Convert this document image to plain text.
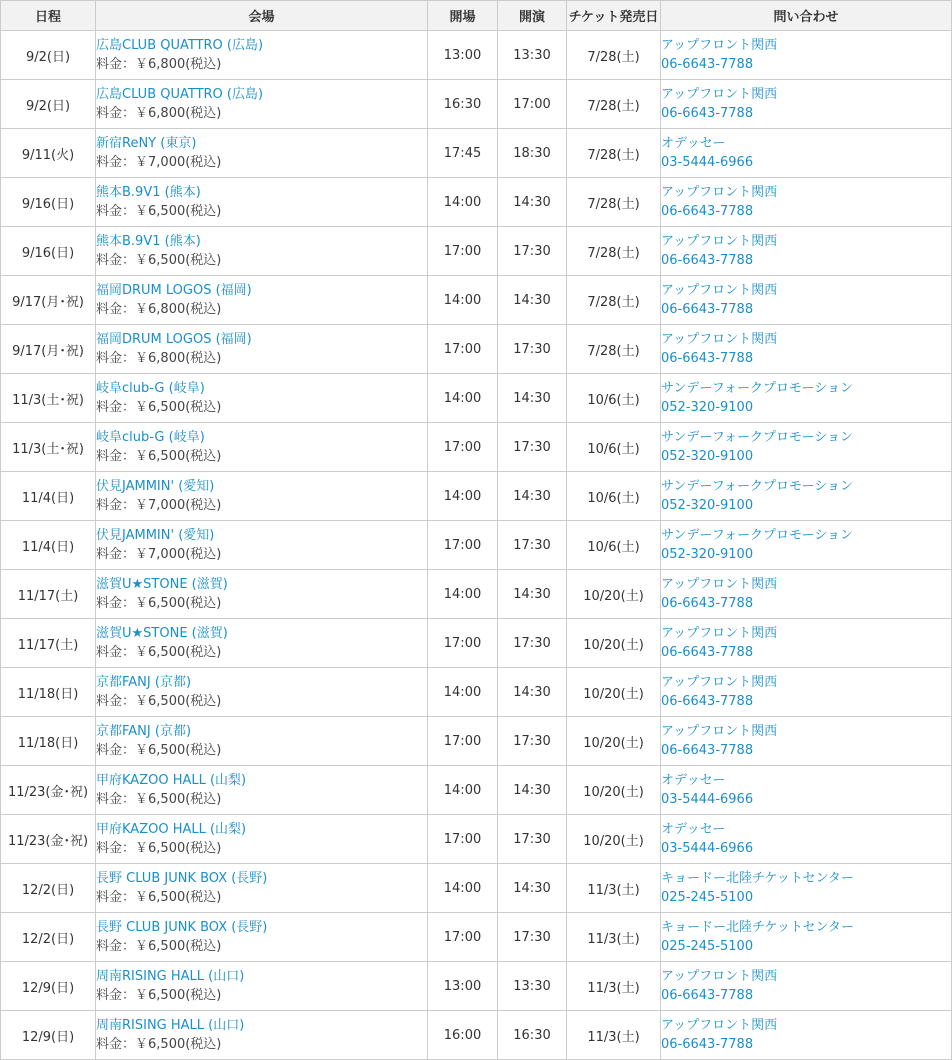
日程	会場	開場	開演	チケット発売日	問い合わせ
9/2(日)	広島CLUB QUATTRO (広島)
料金：￥6,800(税込)	13:00	13:30	7/28(土)	アップフロント関西
06-6643-7788

9/2(日)	広島CLUB QUATTRO (広島)
料金：￥6,800(税込)	16:30	17:00	7/28(土)	アップフロント関西
06-6643-7788

9/11(火)	新宿ReNY (東京)
料金：￥7,000(税込)	17:45	18:30	7/28(土)	オデッセー
03-5444-6966

9/16(日)	熊本B.9V1 (熊本)
料金：￥6,500(税込)	14:00	14:30	7/28(土)	アップフロント関西
06-6643-7788

9/16(日)	熊本B.9V1 (熊本)
料金：￥6,500(税込)	17:00	17:30	7/28(土)	アップフロント関西
06-6643-7788

9/17(月･祝)	福岡DRUM LOGOS (福岡)
料金：￥6,800(税込)	14:00	14:30	7/28(土)	アップフロント関西
06-6643-7788

9/17(月･祝)	福岡DRUM LOGOS (福岡)
料金：￥6,800(税込)	17:00	17:30	7/28(土)	アップフロント関西
06-6643-7788

11/3(土･祝)	岐阜club-G (岐阜)
料金：￥6,500(税込)	14:00	14:30	10/6(土)	サンデーフォークプロモーション
052-320-9100

11/3(土･祝)	岐阜club-G (岐阜)
料金：￥6,500(税込)	17:00	17:30	10/6(土)	サンデーフォークプロモーション
052-320-9100

11/4(日)	伏見JAMMIN' (愛知)
料金：￥7,000(税込)	14:00	14:30	10/6(土)	サンデーフォークプロモーション
052-320-9100

11/4(日)	伏見JAMMIN' (愛知)
料金：￥7,000(税込)	17:00	17:30	10/6(土)	サンデーフォークプロモーション
052-320-9100

11/17(土)	滋賀U★STONE (滋賀)
料金：￥6,500(税込)	14:00	14:30	10/20(土)	アップフロント関西
06-6643-7788

11/17(土)	滋賀U★STONE (滋賀)
料金：￥6,500(税込)	17:00	17:30	10/20(土)	アップフロント関西
06-6643-7788

11/18(日)	京都FANJ (京都)
料金：￥6,500(税込)	14:00	14:30	10/20(土)	アップフロント関西
06-6643-7788

11/18(日)	京都FANJ (京都)
料金：￥6,500(税込)	17:00	17:30	10/20(土)	アップフロント関西
06-6643-7788

11/23(金･祝)	甲府KAZOO HALL (山梨)
料金：￥6,500(税込)	14:00	14:30	10/20(土)	オデッセー
03-5444-6966

11/23(金･祝)	甲府KAZOO HALL (山梨)
料金：￥6,500(税込)	17:00	17:30	10/20(土)	オデッセー
03-5444-6966

12/2(日)	長野 CLUB JUNK BOX (長野)
料金：￥6,500(税込)	14:00	14:30	11/3(土)	キョードー北陸チケットセンター
025-245-5100

12/2(日)	長野 CLUB JUNK BOX (長野)
料金：￥6,500(税込)	17:00	17:30	11/3(土)	キョードー北陸チケットセンター
025-245-5100

12/9(日)	周南RISING HALL (山口)
料金：￥6,500(税込)	13:00	13:30	11/3(土)	アップフロント関西
06-6643-7788

12/9(日)	周南RISING HALL (山口)
料金：￥6,500(税込)	16:00	16:30	11/3(土)	アップフロント関西
06-6643-7788
